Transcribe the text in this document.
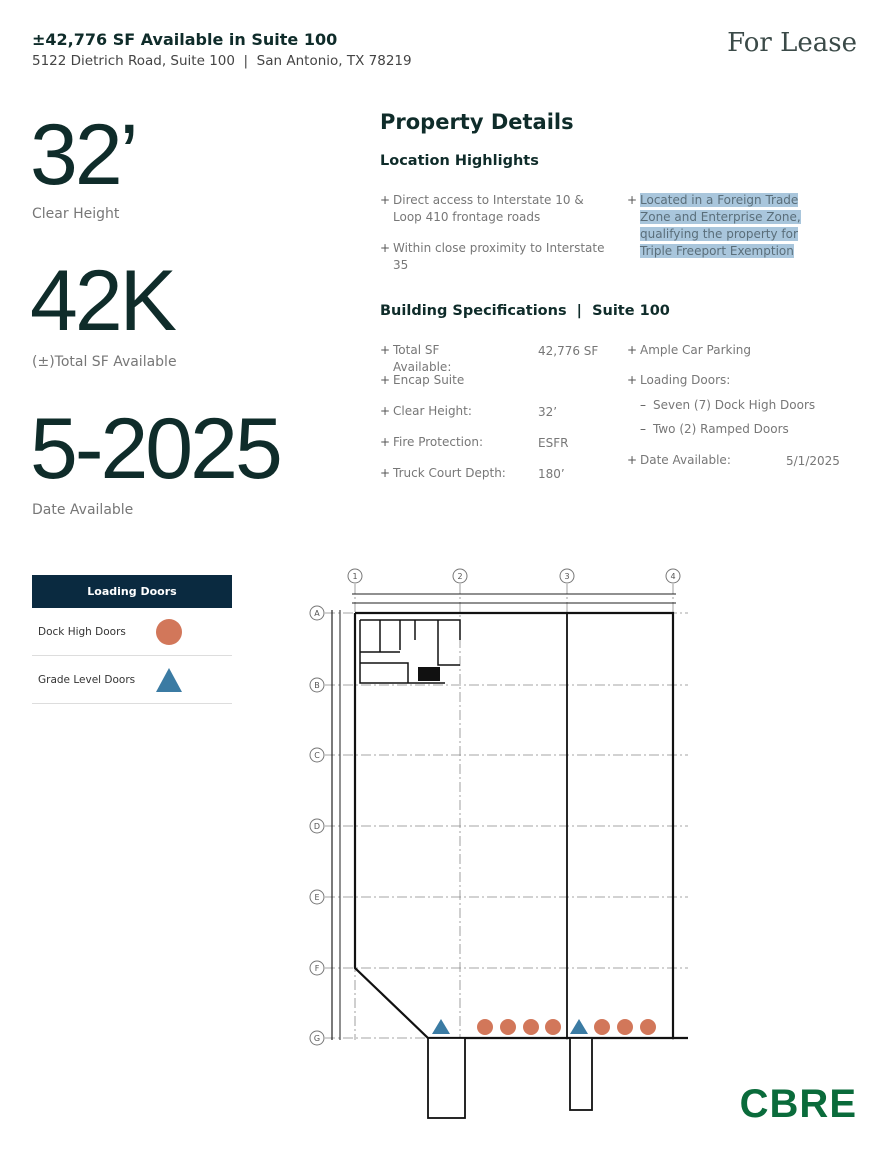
±42,776 SF Available in Suite 100
5122 Dietrich Road, Suite 100  |  San Antonio, TX 78219
For Lease
32’
Clear Height
42K
(±)Total SF Available
5-2025
Date Available
Property Details
Location Highlights
+ Direct access to Interstate 10 & Loop 410 frontage roads
+ Within close proximity to Interstate 35
+ Located in a Foreign Trade Zone and Enterprise Zone, qualifying the property for Triple Freeport Exemption
Building Specifications  |  Suite 100
+ Total SF Available:
42,776 SF
+ Encap Suite
+ Clear Height:	32’
+ Fire Protection:	ESFR
+ Truck Court Depth:	180’
+ Ample Car Parking
+ Loading Doors:
– Seven (7) Dock High Doors
– Two (2) Ramped Doors
+ Date Available:	5/1/2025
Loading Doors
Dock High Doors
Grade Level Doors
1	2	3	4
A
B
C
D
E
F
G
CBRE
